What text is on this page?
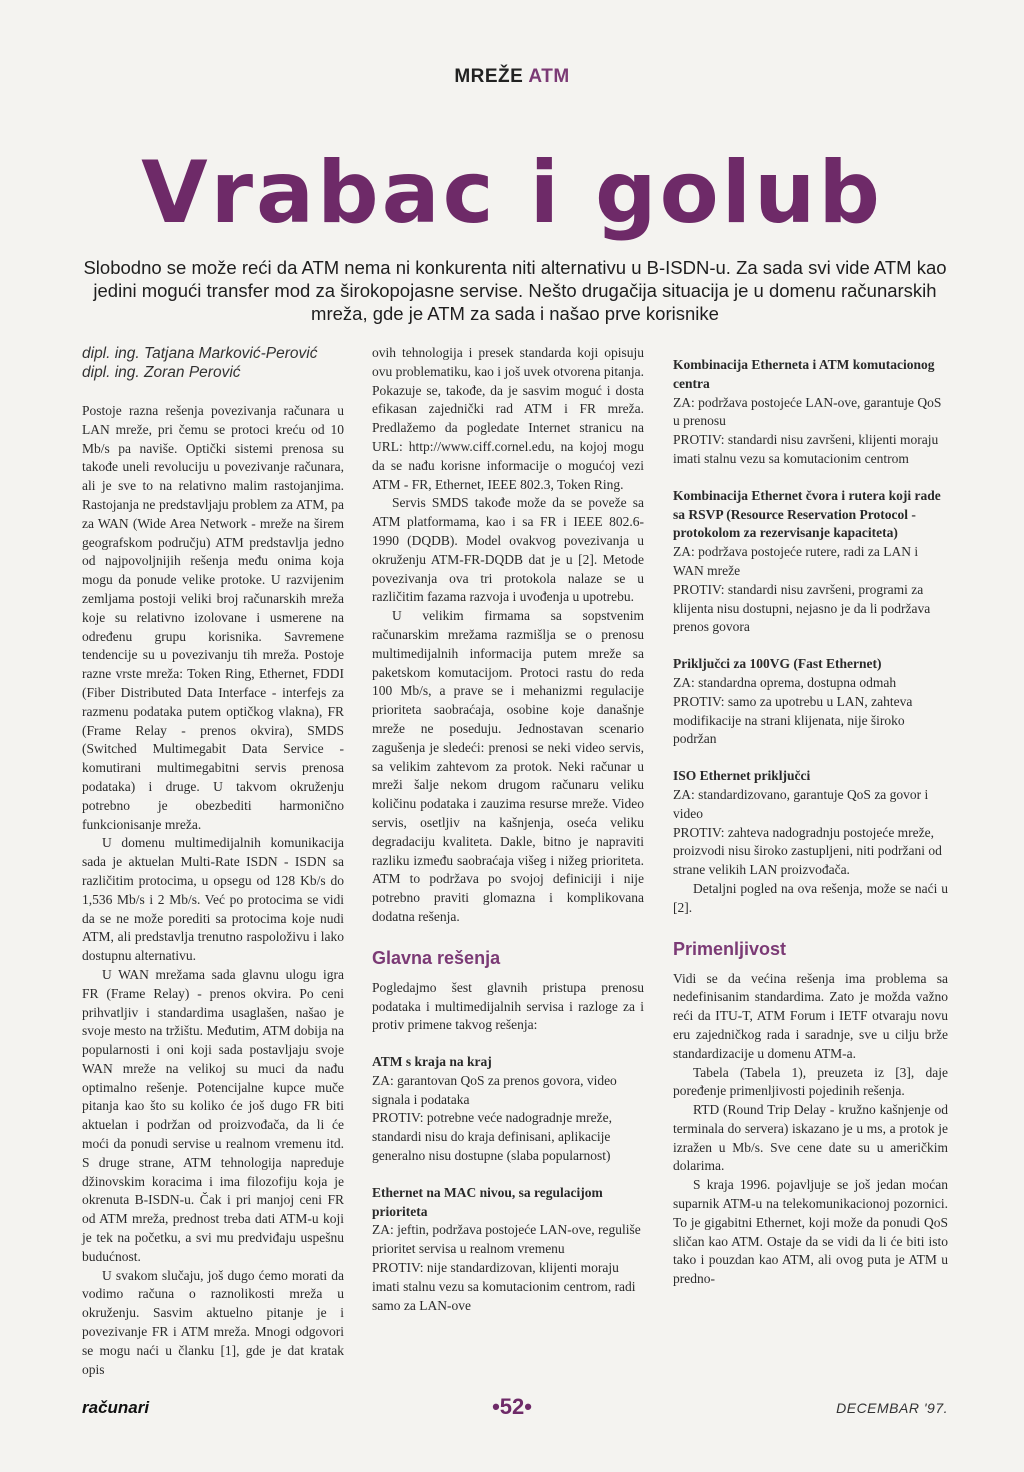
MREŽE ATM
Vrabac i golub
Slobodno se može reći da ATM nema ni konkurenta niti alternativu u B-ISDN-u. Za sada svi vide ATM kao jedini mogući transfer mod za širokopojasne servise. Nešto drugačija situacija je u domenu računarskih mreža, gde je ATM za sada i našao prve korisnike
dipl. ing. Tatjana Marković-Perović
dipl. ing. Zoran Perović

Postoje razna rešenja povezivanja računara u LAN mreže, pri čemu se protoci kreću od 10 Mb/s pa naviše. Optički sistemi prenosa su takođe uneli revoluciju u povezivanje računara, ali je sve to na relativno malim rastojanjima. Rastojanja ne predstavljaju problem za ATM, pa za WAN (Wide Area Network - mreže na širem geografskom području) ATM predstavlja jedno od najpovoljnijih rešenja među onima koja mogu da ponude velike protoke. U razvijenim zemljama postoji veliki broj računarskih mreža koje su relativno izolovane i usmerene na određenu grupu korisnika. Savremene tendencije su u povezivanju tih mreža. Postoje razne vrste mreža: Token Ring, Ethernet, FDDI (Fiber Distributed Data Interface - interfejs za razmenu podataka putem optičkog vlakna), FR (Frame Relay - prenos okvira), SMDS (Switched Multimegabit Data Service - komutirani multimegabitni servis prenosa podataka) i druge. U takvom okruženju potrebno je obezbediti harmonično funkcionisanje mreža.

U domenu multimedijalnih komunikacija sada je aktuelan Multi-Rate ISDN - ISDN sa različitim protocima, u opsegu od 128 Kb/s do 1,536 Mb/s i 2 Mb/s. Već po protocima se vidi da se ne može porediti sa protocima koje nudi ATM, ali predstavlja trenutno raspoloživu i lako dostupnu alternativu.

U WAN mrežama sada glavnu ulogu igra FR (Frame Relay) - prenos okvira. Po ceni prihvatljiv i standardima usaglašen, našao je svoje mesto na tržištu. Međutim, ATM dobija na popularnosti i oni koji sada postavljaju svoje WAN mreže na velikoj su muci da nađu optimalno rešenje. Potencijalne kupce muče pitanja kao što su koliko će još dugo FR biti aktuelan i podržan od proizvođača, da li će moći da ponudi servise u realnom vremenu itd. S druge strane, ATM tehnologija napreduje džinovskim koracima i ima filozofiju koja je okrenuta B-ISDN-u. Čak i pri manjoj ceni FR od ATM mreža, prednost treba dati ATM-u koji je tek na početku, a svi mu predviđaju uspešnu budućnost.

U svakom slučaju, još dugo ćemo morati da vodimo računa o raznolikosti mreža u okruženju. Sasvim aktuelno pitanje je i povezivanje FR i ATM mreža. Mnogi odgovori se mogu naći u članku [1], gde je dat kratak opis

ovih tehnologija i presek standarda koji opisuju ovu problematiku, kao i još uvek otvorena pitanja. Pokazuje se, takođe, da je sasvim moguć i dosta efikasan zajednički rad ATM i FR mreža. Predlažemo da pogledate Internet stranicu na URL: http://www.ciff.cornel.edu, na kojoj mogu da se nađu korisne informacije o mogućoj vezi ATM - FR, Ethernet, IEEE 802.3, Token Ring.

Servis SMDS takođe može da se poveže sa ATM platformama, kao i sa FR i IEEE 802.6-1990 (DQDB). Model ovakvog povezivanja u okruženju ATM-FR-DQDB dat je u [2]. Metode povezivanja ova tri protokola nalaze se u različitim fazama razvoja i uvođenja u upotrebu.

U velikim firmama sa sopstvenim računarskim mrežama razmišlja se o prenosu multimedijalnih informacija putem mreže sa paketskom komutacijom. Protoci rastu do reda 100 Mb/s, a prave se i mehanizmi regulacije prioriteta saobraćaja, osobine koje današnje mreže ne poseduju. Jednostavan scenario zagušenja je sledeći: prenosi se neki video servis, sa velikim zahtevom za protok. Neki računar u mreži šalje nekom drugom računaru veliku količinu podataka i zauzima resurse mreže. Video servis, osetljiv na kašnjenja, oseća veliku degradaciju kvaliteta. Dakle, bitno je napraviti razliku između saobraćaja višeg i nižeg prioriteta. ATM to podržava po svojoj definiciji i nije potrebno praviti glomazna i komplikovana dodatna rešenja.

Glavna rešenja

Pogledajmo šest glavnih pristupa prenosu podataka i multimedijalnih servisa i razloge za i protiv primene takvog rešenja:

ATM s kraja na kraj
ZA: garantovan QoS za prenos govora, video signala i podataka
PROTIV: potrebne veće nadogradnje mreže, standardi nisu do kraja definisani, aplikacije generalno nisu dostupne (slaba popularnost)
Ethernet na MAC nivou, sa regulacijom prioriteta
ZA: jeftin, podržava postojeće LAN-ove, reguliše prioritet servisa u realnom vremenu
PROTIV: nije standardizovan, klijenti moraju imati stalnu vezu sa komutacionim centrom, radi samo za LAN-ove
Kombinacija Etherneta i ATM komutacionog centra
ZA: podržava postojeće LAN-ove, garantuje QoS u prenosu
PROTIV: standardi nisu završeni, klijenti moraju imati stalnu vezu sa komutacionim centrom
Kombinacija Ethernet čvora i rutera koji rade sa RSVP (Resource Reservation Protocol - protokolom za rezervisanje kapaciteta)
ZA: podržava postojeće rutere, radi za LAN i WAN mreže
PROTIV: standardi nisu završeni, programi za klijenta nisu dostupni, nejasno je da li podržava prenos govora
Priključci za 100VG (Fast Ethernet)
ZA: standardna oprema, dostupna odmah
PROTIV: samo za upotrebu u LAN, zahteva modifikacije na strani klijenata, nije široko podržan
ISO Ethernet priključci
ZA: standardizovano, garantuje QoS za govor i video
PROTIV: zahteva nadogradnju postojeće mreže, proizvodi nisu široko zastupljeni, niti podržani od strane velikih LAN proizvođača.

Detaljni pogled na ova rešenja, može se naći u [2].

Primenljivost

Vidi se da većina rešenja ima problema sa nedefinisanim standardima. Zato je možda važno reći da ITU-T, ATM Forum i IETF otvaraju novu eru zajedničkog rada i saradnje, sve u cilju brže standardizacije u domenu ATM-a.

Tabela (Tabela 1), preuzeta iz [3], daje poređenje primenljivosti pojedinih rešenja.

RTD (Round Trip Delay - kružno kašnjenje od terminala do servera) iskazano je u ms, a protok je izražen u Mb/s. Sve cene date su u američkim dolarima.

S kraja 1996. pojavljuje se još jedan moćan suparnik ATM-u na telekomunikacionoj pozornici. To je gigabitni Ethernet, koji može da ponudi QoS sličan kao ATM. Ostaje da se vidi da li će biti isto tako i pouzdan kao ATM, ali ovog puta je ATM u predno-

računari	•52•	DECEMBAR '97.
